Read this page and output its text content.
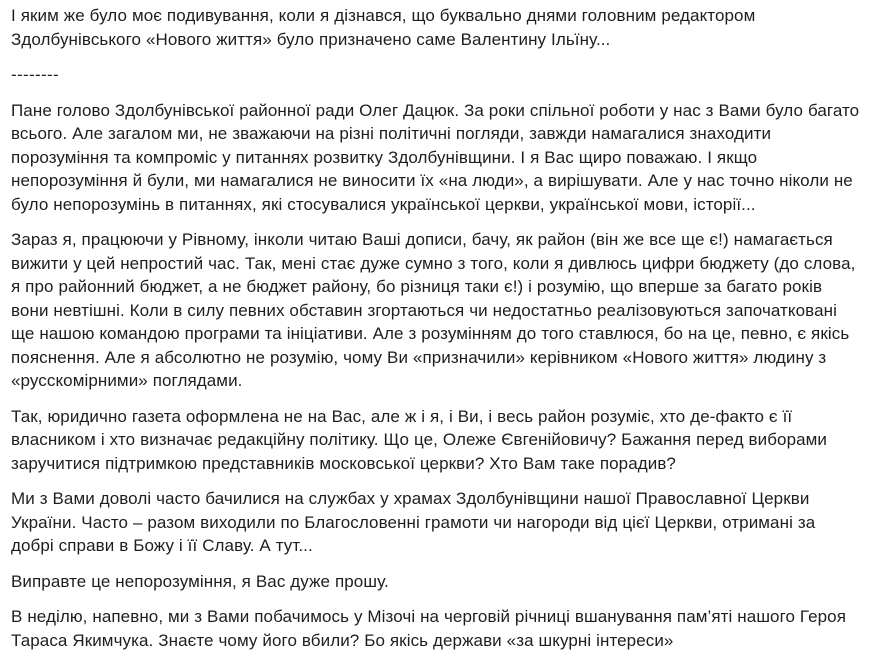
І яким же було моє подивування, коли я дізнався, що буквально днями головним редактором Здолбунівського «Нового життя» було призначено саме Валентину Ільїну...

--------

Пане голово Здолбунівської районної ради Олег Дацюк. За роки спільної роботи у нас з Вами було багато всього. Але загалом ми, не зважаючи на різні політичні погляди, завжди намагалися знаходити порозуміння та компроміс у питаннях розвитку Здолбунівщини. І я Вас щиро поважаю. І якщо непорозуміння й були, ми намагалися не виносити їх «на люди», а вирішувати. Але у нас точно ніколи не було непорозумінь в питаннях, які стосувалися української церкви, української мови, історії...

Зараз я, працюючи у Рівному, інколи читаю Ваші дописи, бачу, як район (він же все ще є!) намагається вижити у цей непростий час. Так, мені стає дуже сумно з того, коли я дивлюсь цифри бюджету (до слова, я про районний бюджет, а не бюджет району, бо різниця таки є!) і розумію, що вперше за багато років вони невтішні. Коли в силу певних обставин згортаються чи недостатньо реалізовуються започатковані ще нашою командою програми та ініціативи. Але з розумінням до того ставлюся, бо на це, певно, є якісь пояснення. Але я абсолютно не розумію, чому Ви «призначили» керівником «Нового життя» людину з «русскомірними» поглядами.

Так, юридично газета оформлена не на Вас, але ж і я, і Ви, і весь район розуміє, хто де-факто є її власником і хто визначає редакційну політику. Що це, Олеже Євгенійовичу? Бажання перед виборами заручитися підтримкою представників московської церкви? Хто Вам таке порадив?

Ми з Вами доволі часто бачилися на службах у храмах Здолбунівщини нашої Православної Церкви України. Часто – разом виходили по Благословенні грамоти чи нагороди від цієї Церкви, отримані за добрі справи в Божу і її Славу. А тут...

Виправте це непорозуміння, я Вас дуже прошу.

В неділю, напевно, ми з Вами побачимось у Мізочі на черговій річниці вшанування пам’яті нашого Героя Тараса Якимчука. Знаєте чому його вбили? Бо якісь держави «за шкурні інтереси»
